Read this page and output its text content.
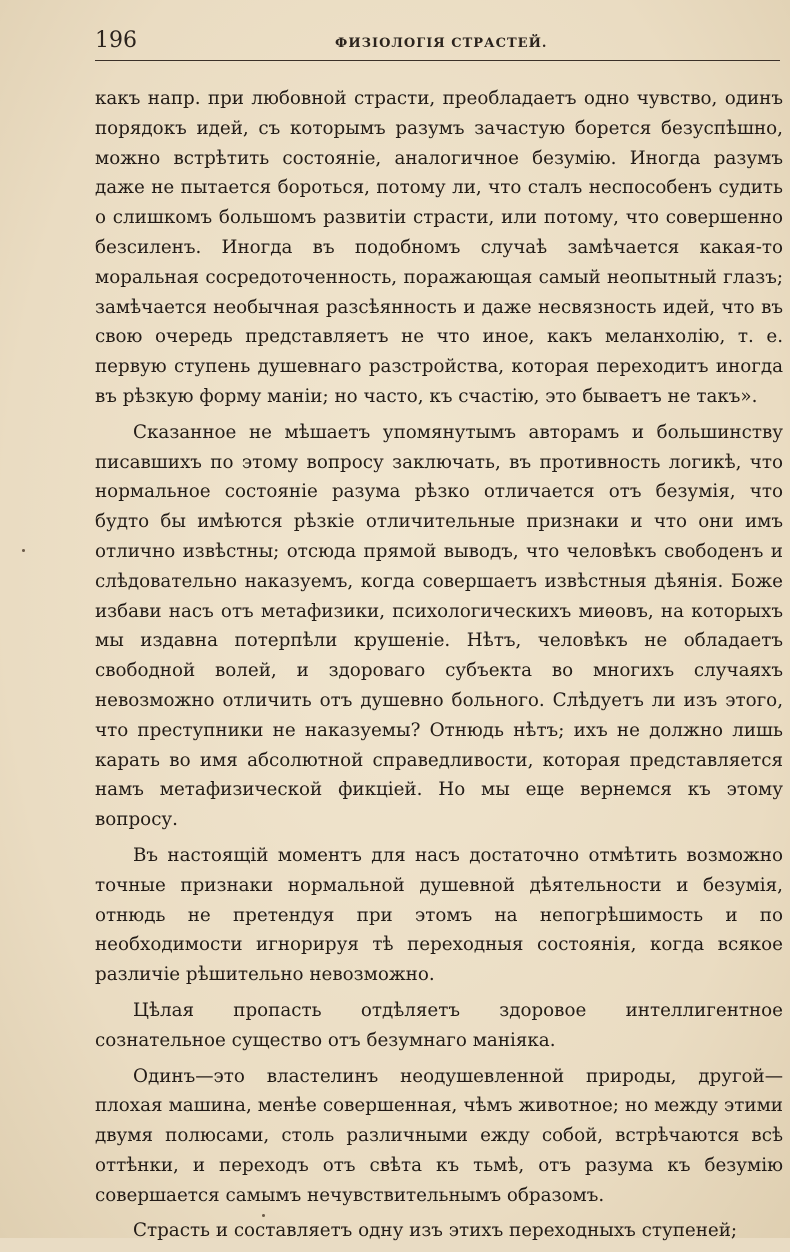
196	ФИЗІОЛОГІЯ СТРАСТЕЙ.

какъ напр. при любовной страсти, преобладаетъ одно чувство, одинъ порядокъ идей, съ которымъ разумъ зачастую борется безуспѣшно, можно встрѣтить состояніе, аналогичное безумію. Иногда разумъ даже не пытается бороться, потому ли, что сталъ неспособенъ судить о слишкомъ большомъ развитіи страсти, или потому, что совершенно безсиленъ. Иногда въ подобномъ случаѣ замѣчается какая-то моральная сосредоточенность, поражающая самый неопытный глазъ; замѣчается необычная разсѣянность и даже несвязность идей, что въ свою очередь представляетъ не что иное, какъ меланхолію, т. е. первую ступень душевнаго разстройства, которая переходитъ иногда въ рѣзкую форму маніи; но часто, къ счастію, это бываетъ не такъ».

Сказанное не мѣшаетъ упомянутымъ авторамъ и большинству писавшихъ по этому вопросу заключать, въ противность логикѣ, что нормальное состояніе разума рѣзко отличается отъ безумія, что будто бы имѣются рѣзкіе отличительные признаки и что они имъ отлично извѣстны; отсюда прямой выводъ, что человѣкъ свободенъ и слѣдовательно наказуемъ, когда совершаетъ извѣстныя дѣянія. Боже избави насъ отъ метафизики, психологическихъ миѳовъ, на которыхъ мы издавна потерпѣли крушеніе. Нѣтъ, человѣкъ не обладаетъ свободной волей, и здороваго субъекта во многихъ случаяхъ невозможно отличить отъ душевно больного. Слѣдуетъ ли изъ этого, что преступники не наказуемы? Отнюдь нѣтъ; ихъ не должно лишь карать во имя абсолютной справедливости, которая представляется намъ метафизической фикціей. Но мы еще вернемся къ этому вопросу.

Въ настоящій моментъ для насъ достаточно отмѣтить возможно точные признаки нормальной душевной дѣятельности и безумія, отнюдь не претендуя при этомъ на непогрѣшимость и по необходимости игнорируя тѣ переходныя состоянія, когда всякое различіе рѣшительно невозможно.

Цѣлая пропасть отдѣляетъ здоровое интеллигентное сознательное существо отъ безумнаго маніяка.

Одинъ—это властелинъ неодушевленной природы, другой—плохая машина, менѣе совершенная, чѣмъ животное; но между этими двумя полюсами, столь различными ежду собой, встрѣчаются всѣ оттѣнки, и переходъ отъ свѣта къ тьмѣ, отъ разума къ безумію совершается самымъ нечувствительнымъ образомъ.

Страсть и составляетъ одну изъ этихъ переходныхъ ступеней;
